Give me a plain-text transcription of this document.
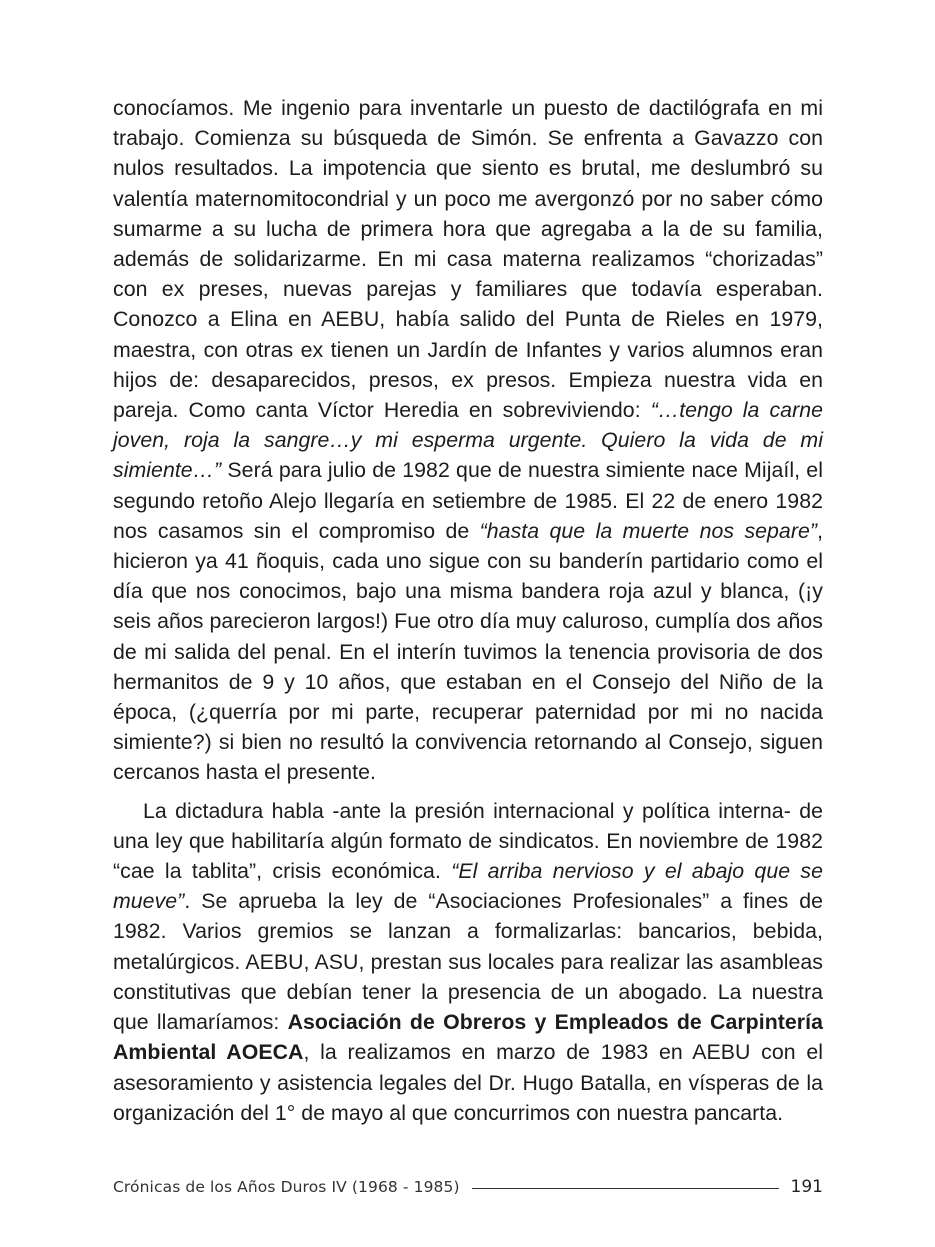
conocíamos. Me ingenio para inventarle un puesto de dactilógrafa en mi trabajo. Comienza su búsqueda de Simón. Se enfrenta a Gavazzo con nulos resultados. La impotencia que siento es brutal, me deslumbró su valentía maternomitocondrial y un poco me avergonzó por no saber cómo sumarme a su lucha de primera hora que agregaba a la de su familia, además de solidarizarme. En mi casa materna realizamos “chorizadas” con ex preses, nuevas parejas y familiares que todavía esperaban. Conozco a Elina en AEBU, había salido del Punta de Rieles en 1979, maestra, con otras ex tienen un Jardín de Infantes y varios alumnos eran hijos de: desaparecidos, presos, ex presos. Empieza nuestra vida en pareja. Como canta Víctor Heredia en sobreviviendo: “…tengo la carne joven, roja la sangre…y mi esperma urgente. Quiero la vida de mi simiente…” Será para julio de 1982 que de nuestra simiente nace Mijaíl, el segundo retoño Alejo llegaría en setiembre de 1985. El 22 de enero 1982 nos casamos sin el compromiso de “hasta que la muerte nos separe”, hicieron ya 41 ñoquis, cada uno sigue con su banderín partidario como el día que nos conocimos, bajo una misma bandera roja azul y blanca, (¡y seis años parecieron largos!) Fue otro día muy caluroso, cumplía dos años de mi salida del penal. En el interín tuvimos la tenencia provisoria de dos hermanitos de 9 y 10 años, que estaban en el Consejo del Niño de la época, (¿querría por mi parte, recuperar paternidad por mi no nacida simiente?) si bien no resultó la convivencia retornando al Consejo, siguen cercanos hasta el presente.

La dictadura habla -ante la presión internacional y política interna- de una ley que habilitaría algún formato de sindicatos. En noviembre de 1982 “cae la tablita”, crisis económica. “El arriba nervioso y el abajo que se mueve”. Se aprueba la ley de “Asociaciones Profesionales” a fines de 1982. Varios gremios se lanzan a formalizarlas: bancarios, bebida, metalúrgicos. AEBU, ASU, prestan sus locales para realizar las asambleas constitutivas que debían tener la presencia de un abogado. La nuestra que llamaríamos: Asociación de Obreros y Empleados de Carpintería Ambiental AOECA, la realizamos en marzo de 1983 en AEBU con el asesoramiento y asistencia legales del Dr. Hugo Batalla, en vísperas de la organización del 1° de mayo al que concurrimos con nuestra pancarta.

Crónicas de los Años Duros IV (1968 - 1985)	191
